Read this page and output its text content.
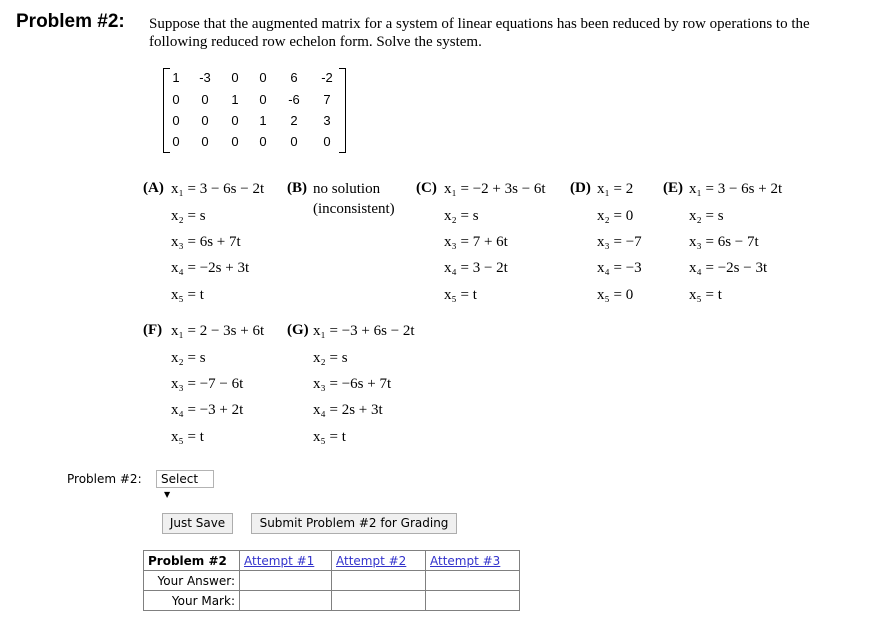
Problem #2: Suppose that the augmented matrix for a system of linear equations has been reduced by row operations to the
following reduced row echelon form. Solve the system.
1	-3	0	0	6	-2
0	0	1	0	-6	7
0	0	0	1	2	3
0	0	0	0	0	0
(A) x₁ = 3 − 6s − 2t
x₂ = s
x₃ = 6s + 7t
x₄ = −2s + 3t
x₅ = t
(B) no solution
(inconsistent)
(C) x₁ = −2 + 3s − 6t
x₂ = s
x₃ = 7 + 6t
x₄ = 3 − 2t
x₅ = t
(D) x₁ = 2
x₂ = 0
x₃ = −7
x₄ = −3
x₅ = 0
(E) x₁ = 3 − 6s + 2t
x₂ = s
x₃ = 6s − 7t
x₄ = −2s − 3t
x₅ = t
(F) x₁ = 2 − 3s + 6t
x₂ = s
x₃ = −7 − 6t
x₄ = −3 + 2t
x₅ = t
(G) x₁ = −3 + 6s − 2t
x₂ = s
x₃ = −6s + 7t
x₄ = 2s + 3t
x₅ = t
Problem #2:	Select ▼
Just Save	Submit Problem #2 for Grading
Problem #2	Attempt #1	Attempt #2	Attempt #3
Your Answer:			
Your Mark:			
